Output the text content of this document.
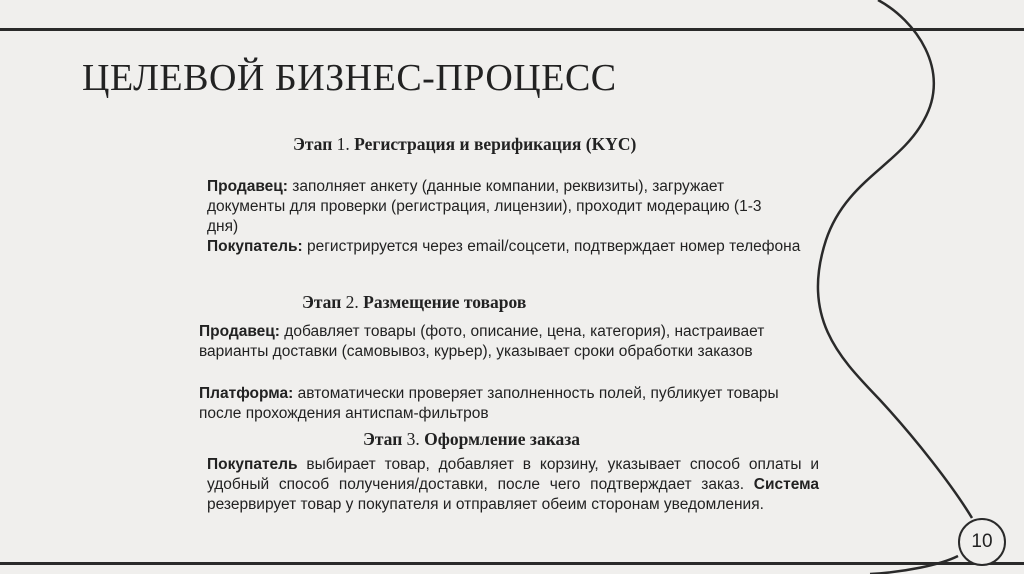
ЦЕЛЕВОЙ БИЗНЕС-ПРОЦЕСС

Этап 1. Регистрация и верификация (KYC)

Продавец: заполняет анкету (данные компании, реквизиты), загружает документы для проверки (регистрация, лицензии), проходит модерацию (1-3 дня)

Покупатель: регистрируется через email/соцсети, подтверждает номер телефона

Этап 2. Размещение товаров

Продавец: добавляет товары (фото, описание, цена, категория), настраивает варианты доставки (самовывоз, курьер), указывает сроки обработки заказов

Платформа: автоматически проверяет заполненность полей, публикует товары после прохождения антиспам-фильтров

Этап 3. Оформление заказа

Покупатель выбирает товар, добавляет в корзину, указывает способ оплаты и удобный способ получения/доставки, после чего подтверждает заказ. Система резервирует товар у покупателя и отправляет обеим сторонам уведомления.

10
